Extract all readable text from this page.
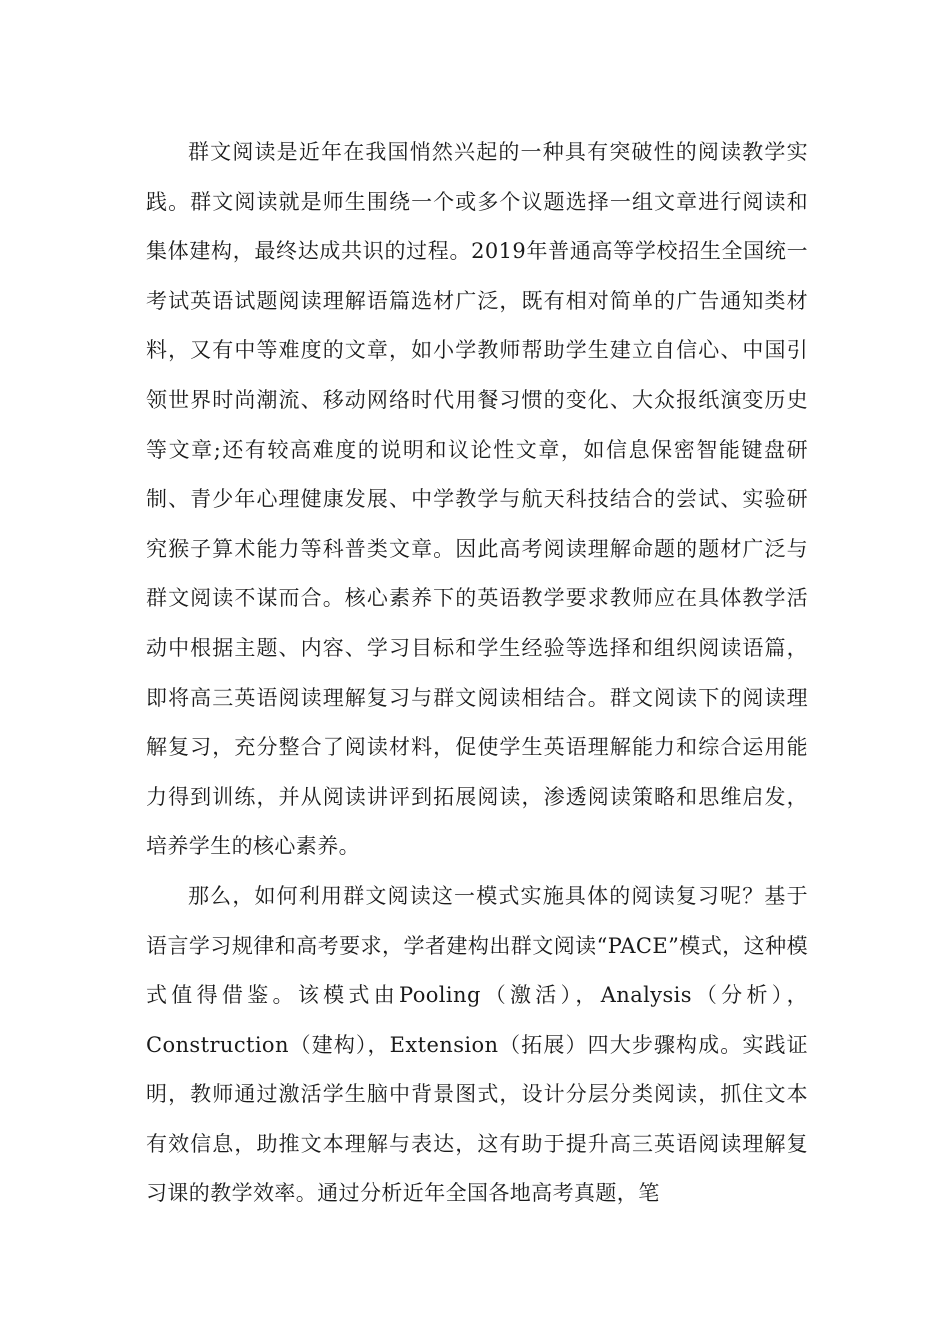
群文阅读是近年在我国悄然兴起的一种具有突破性的阅读教学实践。群文阅读就是师生围绕一个或多个议题选择一组文章进行阅读和集体建构，最终达成共识的过程。2019年普通高等学校招生全国统一考试英语试题阅读理解语篇选材广泛，既有相对简单的广告通知类材料，又有中等难度的文章，如小学教师帮助学生建立自信心、中国引领世界时尚潮流、移动网络时代用餐习惯的变化、大众报纸演变历史等文章;还有较高难度的说明和议论性文章，如信息保密智能键盘研制、青少年心理健康发展、中学教学与航天科技结合的尝试、实验研究猴子算术能力等科普类文章。因此高考阅读理解命题的题材广泛与群文阅读不谋而合。核心素养下的英语教学要求教师应在具体教学活动中根据主题、内容、学习目标和学生经验等选择和组织阅读语篇，即将高三英语阅读理解复习与群文阅读相结合。群文阅读下的阅读理解复习，充分整合了阅读材料，促使学生英语理解能力和综合运用能力得到训练，并从阅读讲评到拓展阅读，渗透阅读策略和思维启发，培养学生的核心素养。

那么，如何利用群文阅读这一模式实施具体的阅读复习呢？基于语言学习规律和高考要求，学者建构出群文阅读“PACE”模式，这种模式值得借鉴。该模式由Pooling（激活），Analysis（分析），Construction（建构），Extension（拓展）四大步骤构成。实践证明，教师通过激活学生脑中背景图式，设计分层分类阅读，抓住文本有效信息，助推文本理解与表达，这有助于提升高三英语阅读理解复习课的教学效率。通过分析近年全国各地高考真题，笔
